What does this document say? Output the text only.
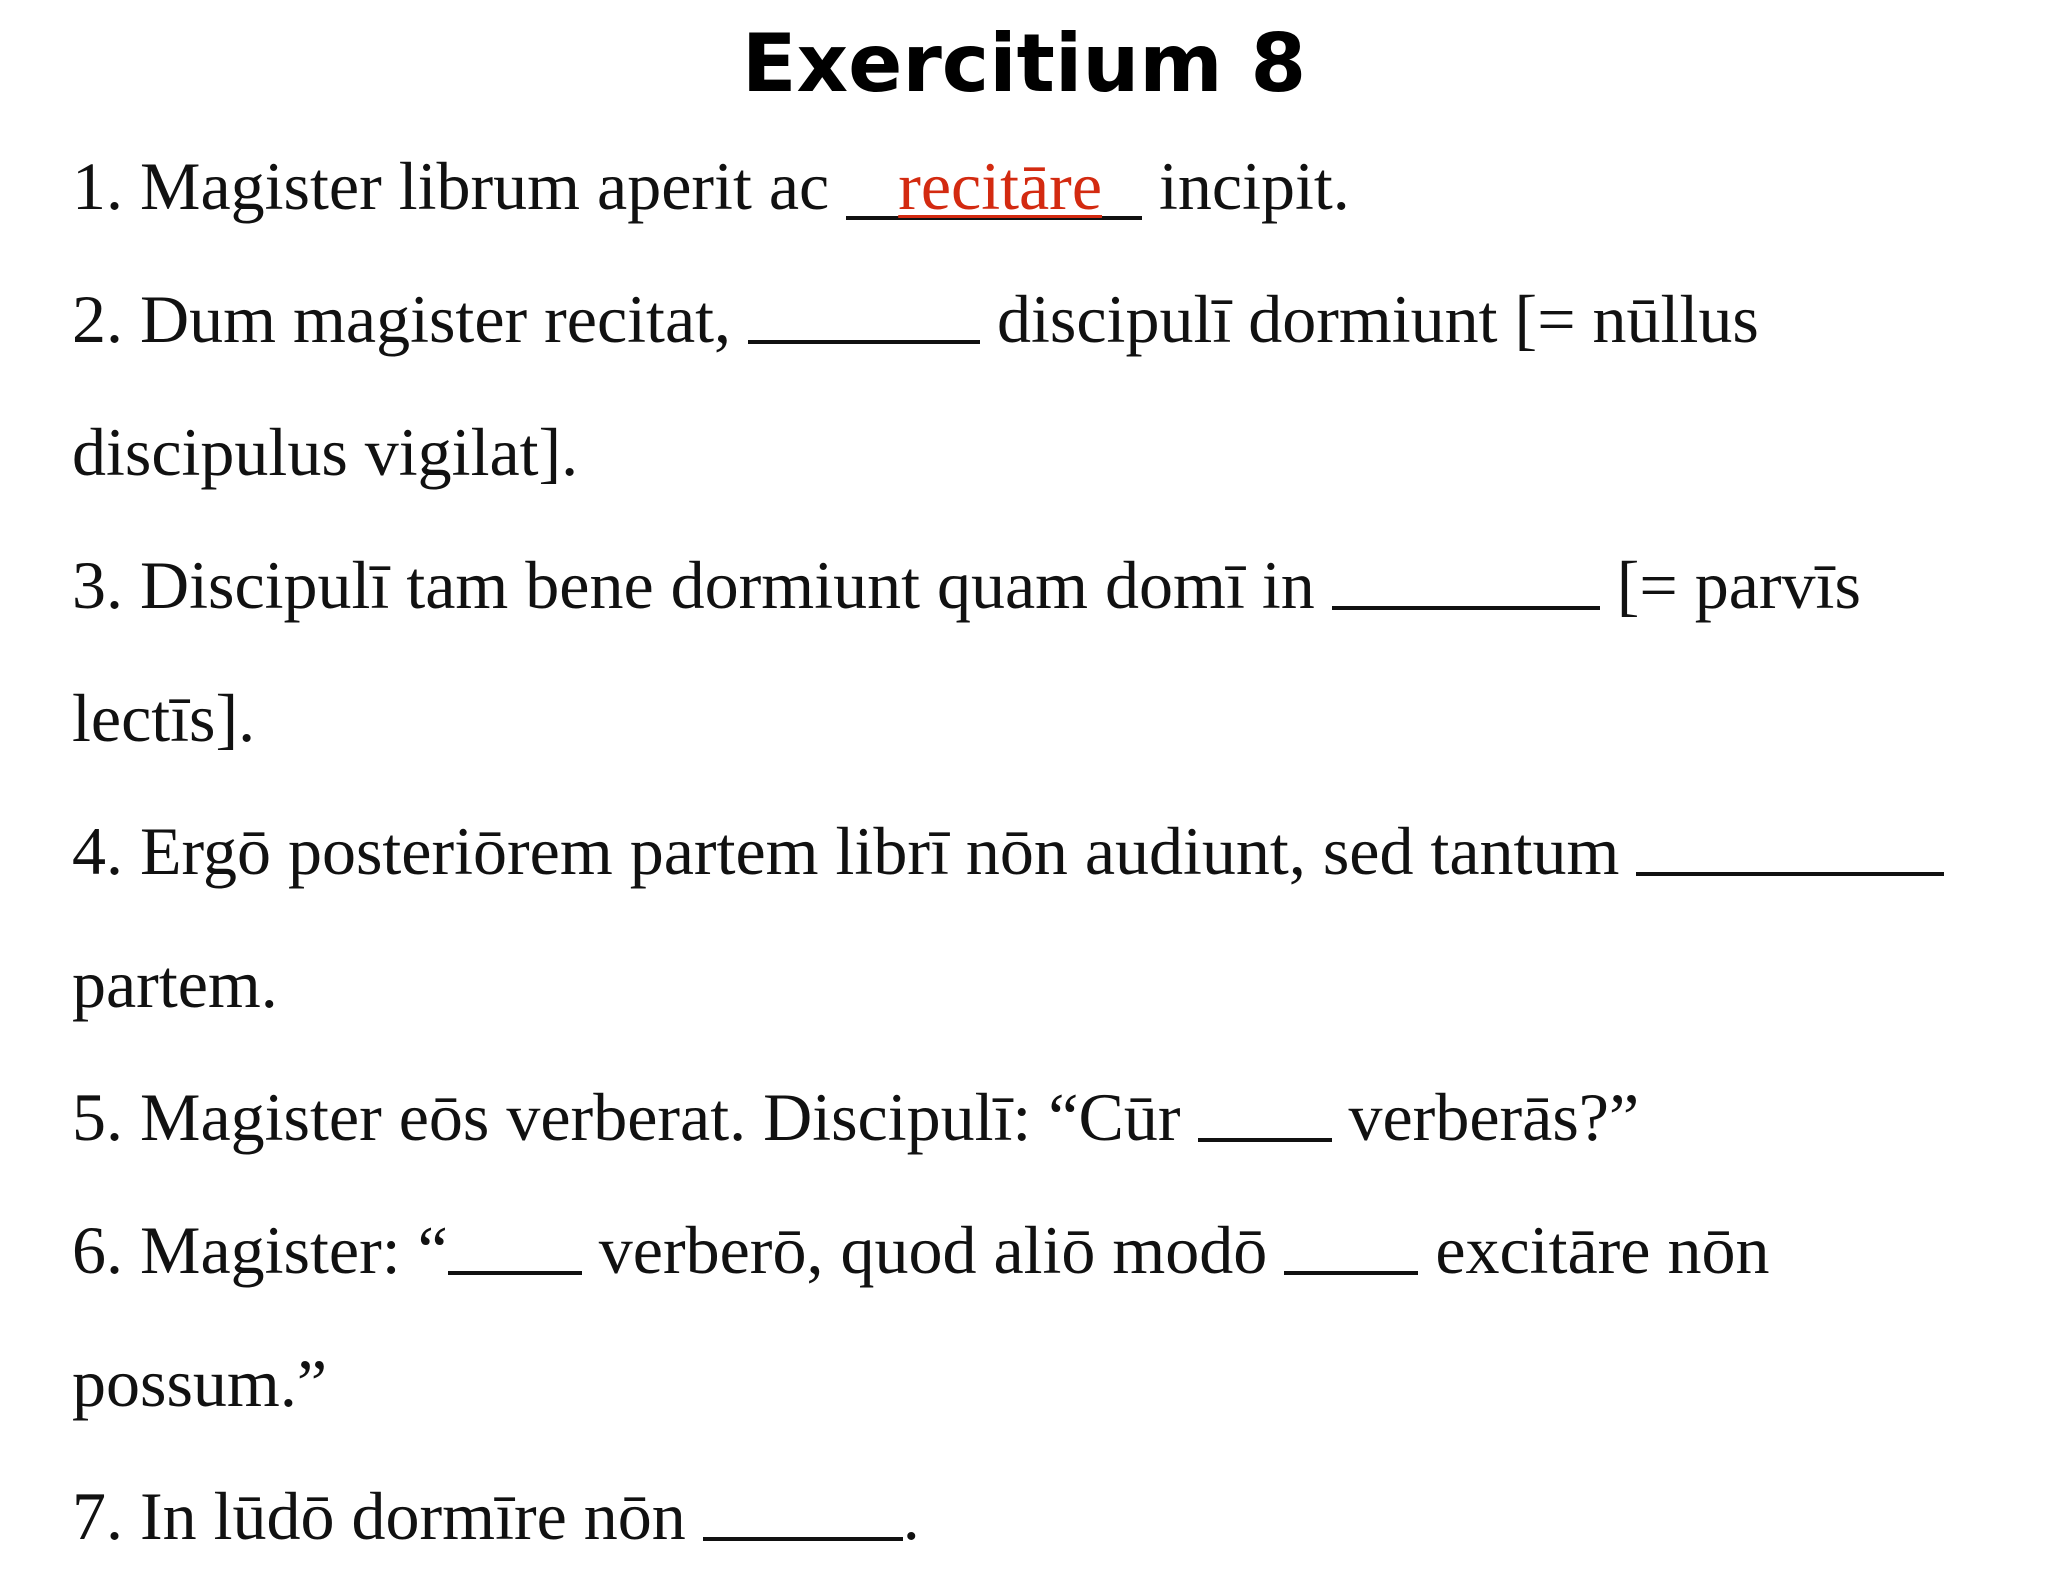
Exercitium 8

1. Magister librum aperit ac recitāre incipit.

2. Dum magister recitat,	discipulī dormiunt [= nūllus discipulus vigilat].

3. Discipulī tam bene dormiunt quam domī in	[= parvīs lectīs].

4. Ergō posteriōrem partem librī nōn audiunt, sed tantum  partem.

5. Magister eōs verberat. Discipulī: “Cūr verberās?”

6. Magister: “ verberō, quod aliō modō excitāre nōn possum.”

7. In lūdō dormīre nōn	.
